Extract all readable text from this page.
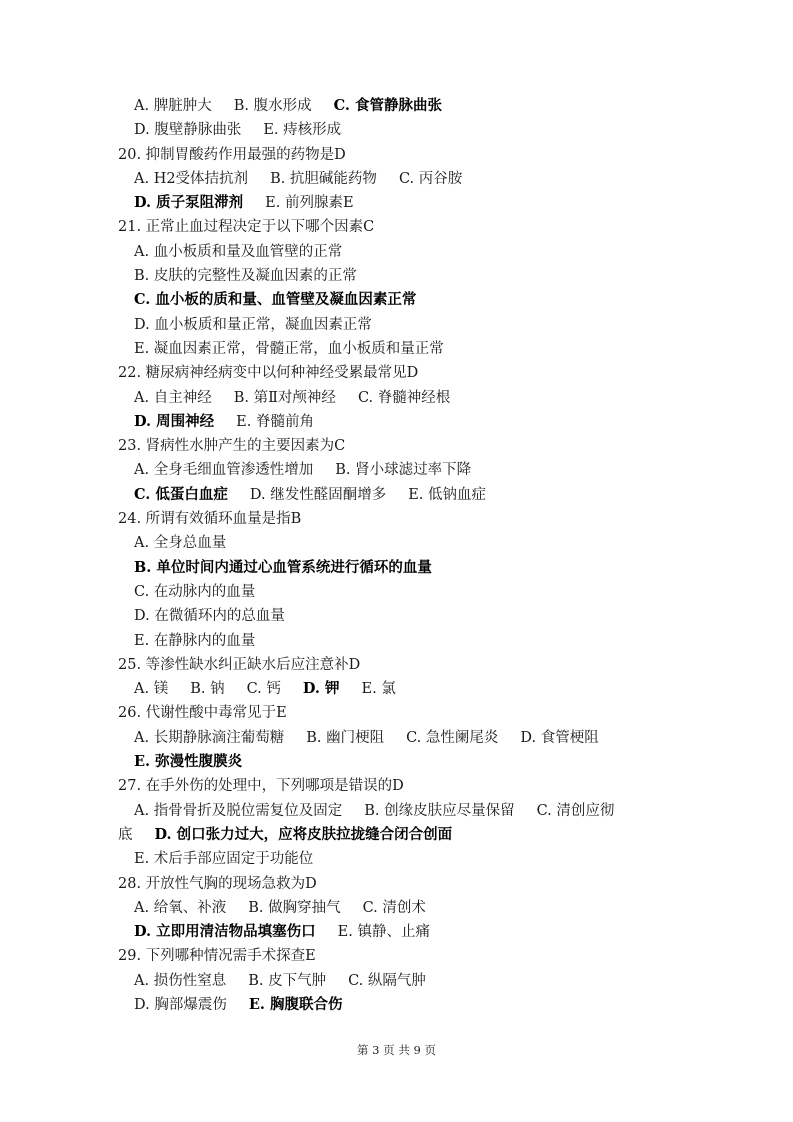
A. 脾脏肿大 B. 腹水形成 C. 食管静脉曲张
D. 腹壁静脉曲张 E. 痔核形成
20. 抑制胃酸药作用最强的药物是D
A. H2受体拮抗剂 B. 抗胆碱能药物 C. 丙谷胺
D. 质子泵阻滞剂 E. 前列腺素E
21. 正常止血过程决定于以下哪个因素C
A. 血小板质和量及血管壁的正常
B. 皮肤的完整性及凝血因素的正常
C. 血小板的质和量、血管壁及凝血因素正常
D. 血小板质和量正常，凝血因素正常
E. 凝血因素正常，骨髓正常，血小板质和量正常
22. 糖尿病神经病变中以何种神经受累最常见D
A. 自主神经 B. 第Ⅱ对颅神经 C. 脊髓神经根
D. 周围神经 E. 脊髓前角
23. 肾病性水肿产生的主要因素为C
A. 全身毛细血管渗透性增加 B. 肾小球滤过率下降
C. 低蛋白血症 D. 继发性醛固酮增多 E. 低钠血症
24. 所谓有效循环血量是指B
A. 全身总血量
B. 单位时间内通过心血管系统进行循环的血量
C. 在动脉内的血量
D. 在微循环内的总血量
E. 在静脉内的血量
25. 等渗性缺水纠正缺水后应注意补D
A. 镁 B. 钠 C. 钙 D. 钾 E. 氯
26. 代谢性酸中毒常见于E
A. 长期静脉滴注葡萄糖 B. 幽门梗阻 C. 急性阑尾炎 D. 食管梗阻
E. 弥漫性腹膜炎
27. 在手外伤的处理中，下列哪项是错误的D
A. 指骨骨折及脱位需复位及固定 B. 创缘皮肤应尽量保留 C. 清创应彻
底 D. 创口张力过大，应将皮肤拉拢缝合闭合创面
E. 术后手部应固定于功能位
28. 开放性气胸的现场急救为D
A. 给氧、补液 B. 做胸穿抽气 C. 清创术
D. 立即用清洁物品填塞伤口 E. 镇静、止痛
29. 下列哪种情况需手术探查E
A. 损伤性窒息 B. 皮下气肿 C. 纵隔气肿
D. 胸部爆震伤 E. 胸腹联合伤
第 3 页 共 9 页
